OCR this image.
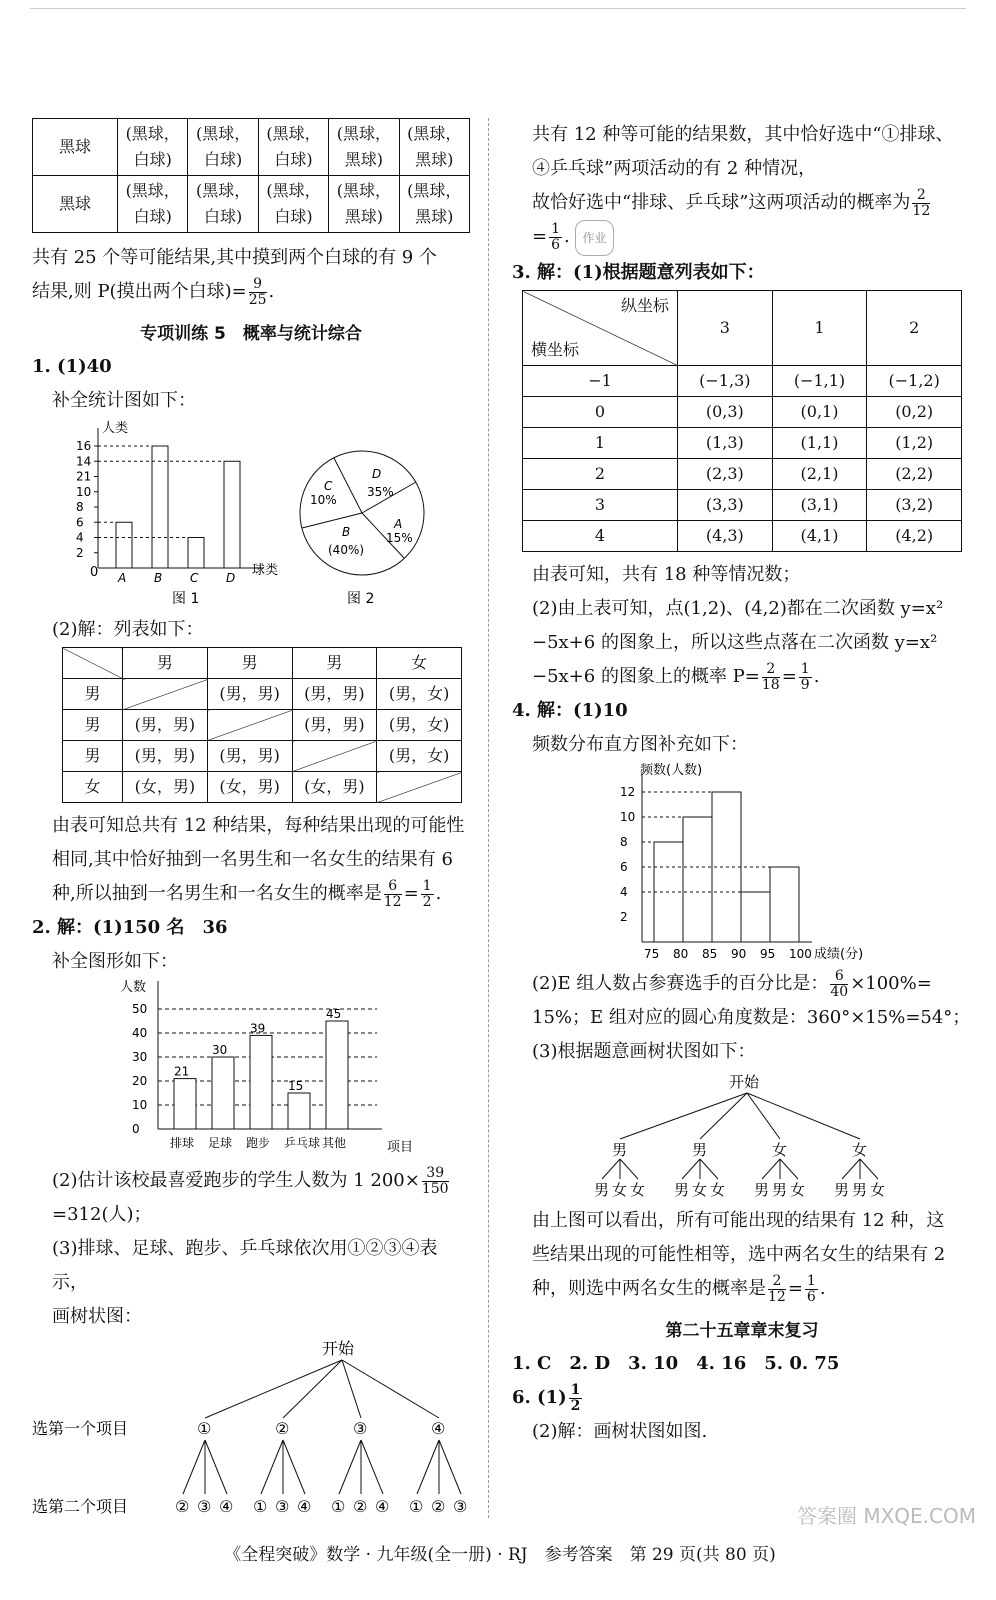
黑球	(黑球，白球)	(黑球，白球)	(黑球，白球)	(黑球，黑球)	(黑球，黑球)
黑球	(黑球，白球)	(黑球，白球)	(黑球，白球)	(黑球，黑球)	(黑球，黑球)

共有 25 个等可能结果,其中摸到两个白球的有 9 个

结果,则 P(摸出两个白球)= $\frac{9}{25}$ .

专项训练 5　概率与统计综合

1. (1)40

补全统计图如下：

人类
球类
0
图 1
16
14
21
10
8
6
4
2
A B C D
C
10%
D
35%
A
15%
B
(40%)
图 2

(2)解：列表如下：

	男	男	男	女
男		(男，男)	(男，男)	(男，女)
男	(男，男)		(男，男)	(男，女)
男	(男，男)	(男，男)		(男，女)
女	(女，男)	(女，男)	(女，男)	

由表可知总共有 12 种结果，每种结果出现的可能性

相同,其中恰好抽到一名男生和一名女生的结果有 6

种,所以抽到一名男生和一名女生的概率是 $\frac{6}{12} = \frac{1}{2}$ .

2. 解：(1)150 名　36

补全图形如下：

人数
项目
50
40
30
20
10
0
21
排球
30
足球
39
跑步
15
乒乓球
45
其他

(2)估计该校最喜爱跑步的学生人数为 1 $200\times \frac{39}{150}$

=312(人)；

(3)排球、足球、跑步、乒乓球依次用①②③④表示，

画树状图：

开始
选第一个项目
选第二个项目
①
② ③ ④
②
① ③ ④
③
① ② ④
④
① ② ③

共有 12 种等可能的结果数，其中恰好选中“①排球、

④乒乓球”两项活动的有 2 种情况，

故恰好选中“排球、乒乓球”这两项活动的概率为 $\frac{2}{12}$

= $\frac{1}{6}$ . 作业

3. 解：(1)根据题意列表如下：

纵坐标
横坐标	3	1	2
−1	(−1,3)	(−1,1)	(−1,2)
0	(0,3)	(0,1)	(0,2)
1	(1,3)	(1,1)	(1,2)
2	(2,3)	(2,1)	(2,2)
3	(3,3)	(3,1)	(3,2)
4	(4,3)	(4,1)	(4,2)

由表可知，共有 18 种等情况数；

(2)由上表可知，点(1,2)、(4,2)都在二次函数 y=x²

−5x+6 的图象上，所以这些点落在二次函数 y=x²

−5x+6 的图象上的概率 $P= \frac{2}{18} = \frac{1}{9}$ .

4. 解：(1)10

频数分布直方图补充如下：

频数(人数)
成绩(分)
12
10
8
6
4
2
75 80 85 90 95 100

(2)E 组人数占参赛选手的百分比是： $\frac{6}{40} \times 100\%=$

15%；E 组对应的圆心角度数是：360°×15%=54°；

(3)根据题意画树状图如下：

开始
男
男 女 女
男
男 女 女
女
男 男 女
女
男 男 女

由上图可以看出，所有可能出现的结果有 12 种，这

些结果出现的可能性相等，选中两名女生的结果有 2

种，则选中两名女生的概率是 $\frac{2}{12} = \frac{1}{6}$ .

第二十五章章末复习

1. C　2. D　3. 10　4. 16　5. 0. 75

6. $(1) \frac{1}{2}$

(2)解：画树状图如图.

《全程突破》数学 · 九年级(全一册) · RJ　参考答案　第 29 页(共 80 页)
答案圈 MXQE.COM
